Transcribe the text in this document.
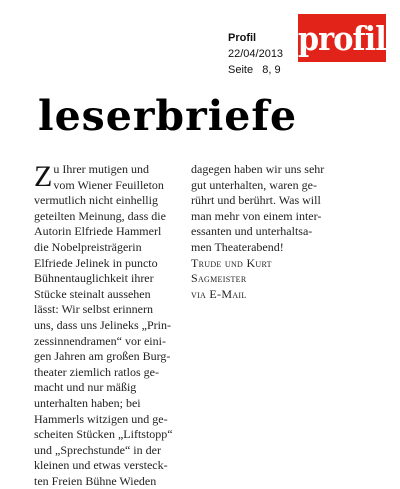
Profil
22/04/2013
Seite   8, 9
profil
leserbriefe
Z u Ihrer mutigen und
vom Wiener Feuilleton
vermutlich nicht einhellig
geteilten Meinung, dass die
Autorin Elfriede Hammerl
die Nobelpreisträgerin
Elfriede Jelinek in puncto
Bühnentauglichkeit ihrer
Stücke steinalt aussehen
lässt: Wir selbst erinnern
uns, dass uns Jelineks „Prin-
zessinnendramen“ vor eini-
gen Jahren am großen Burg-
theater ziemlich ratlos ge-
macht und nur mäßig
unterhalten haben; bei
Hammerls witzigen und ge-
scheiten Stücken „Liftstopp“
und „Sprechstunde“ in der
kleinen und etwas versteck-
ten Freien Bühne Wieden
dagegen haben wir uns sehr
gut unterhalten, waren ge-
rührt und berührt. Was will
man mehr von einem inter-
essanten und unterhaltsa-
men Theaterabend!
Trude und Kurt
Sagmeister
via E-Mail
